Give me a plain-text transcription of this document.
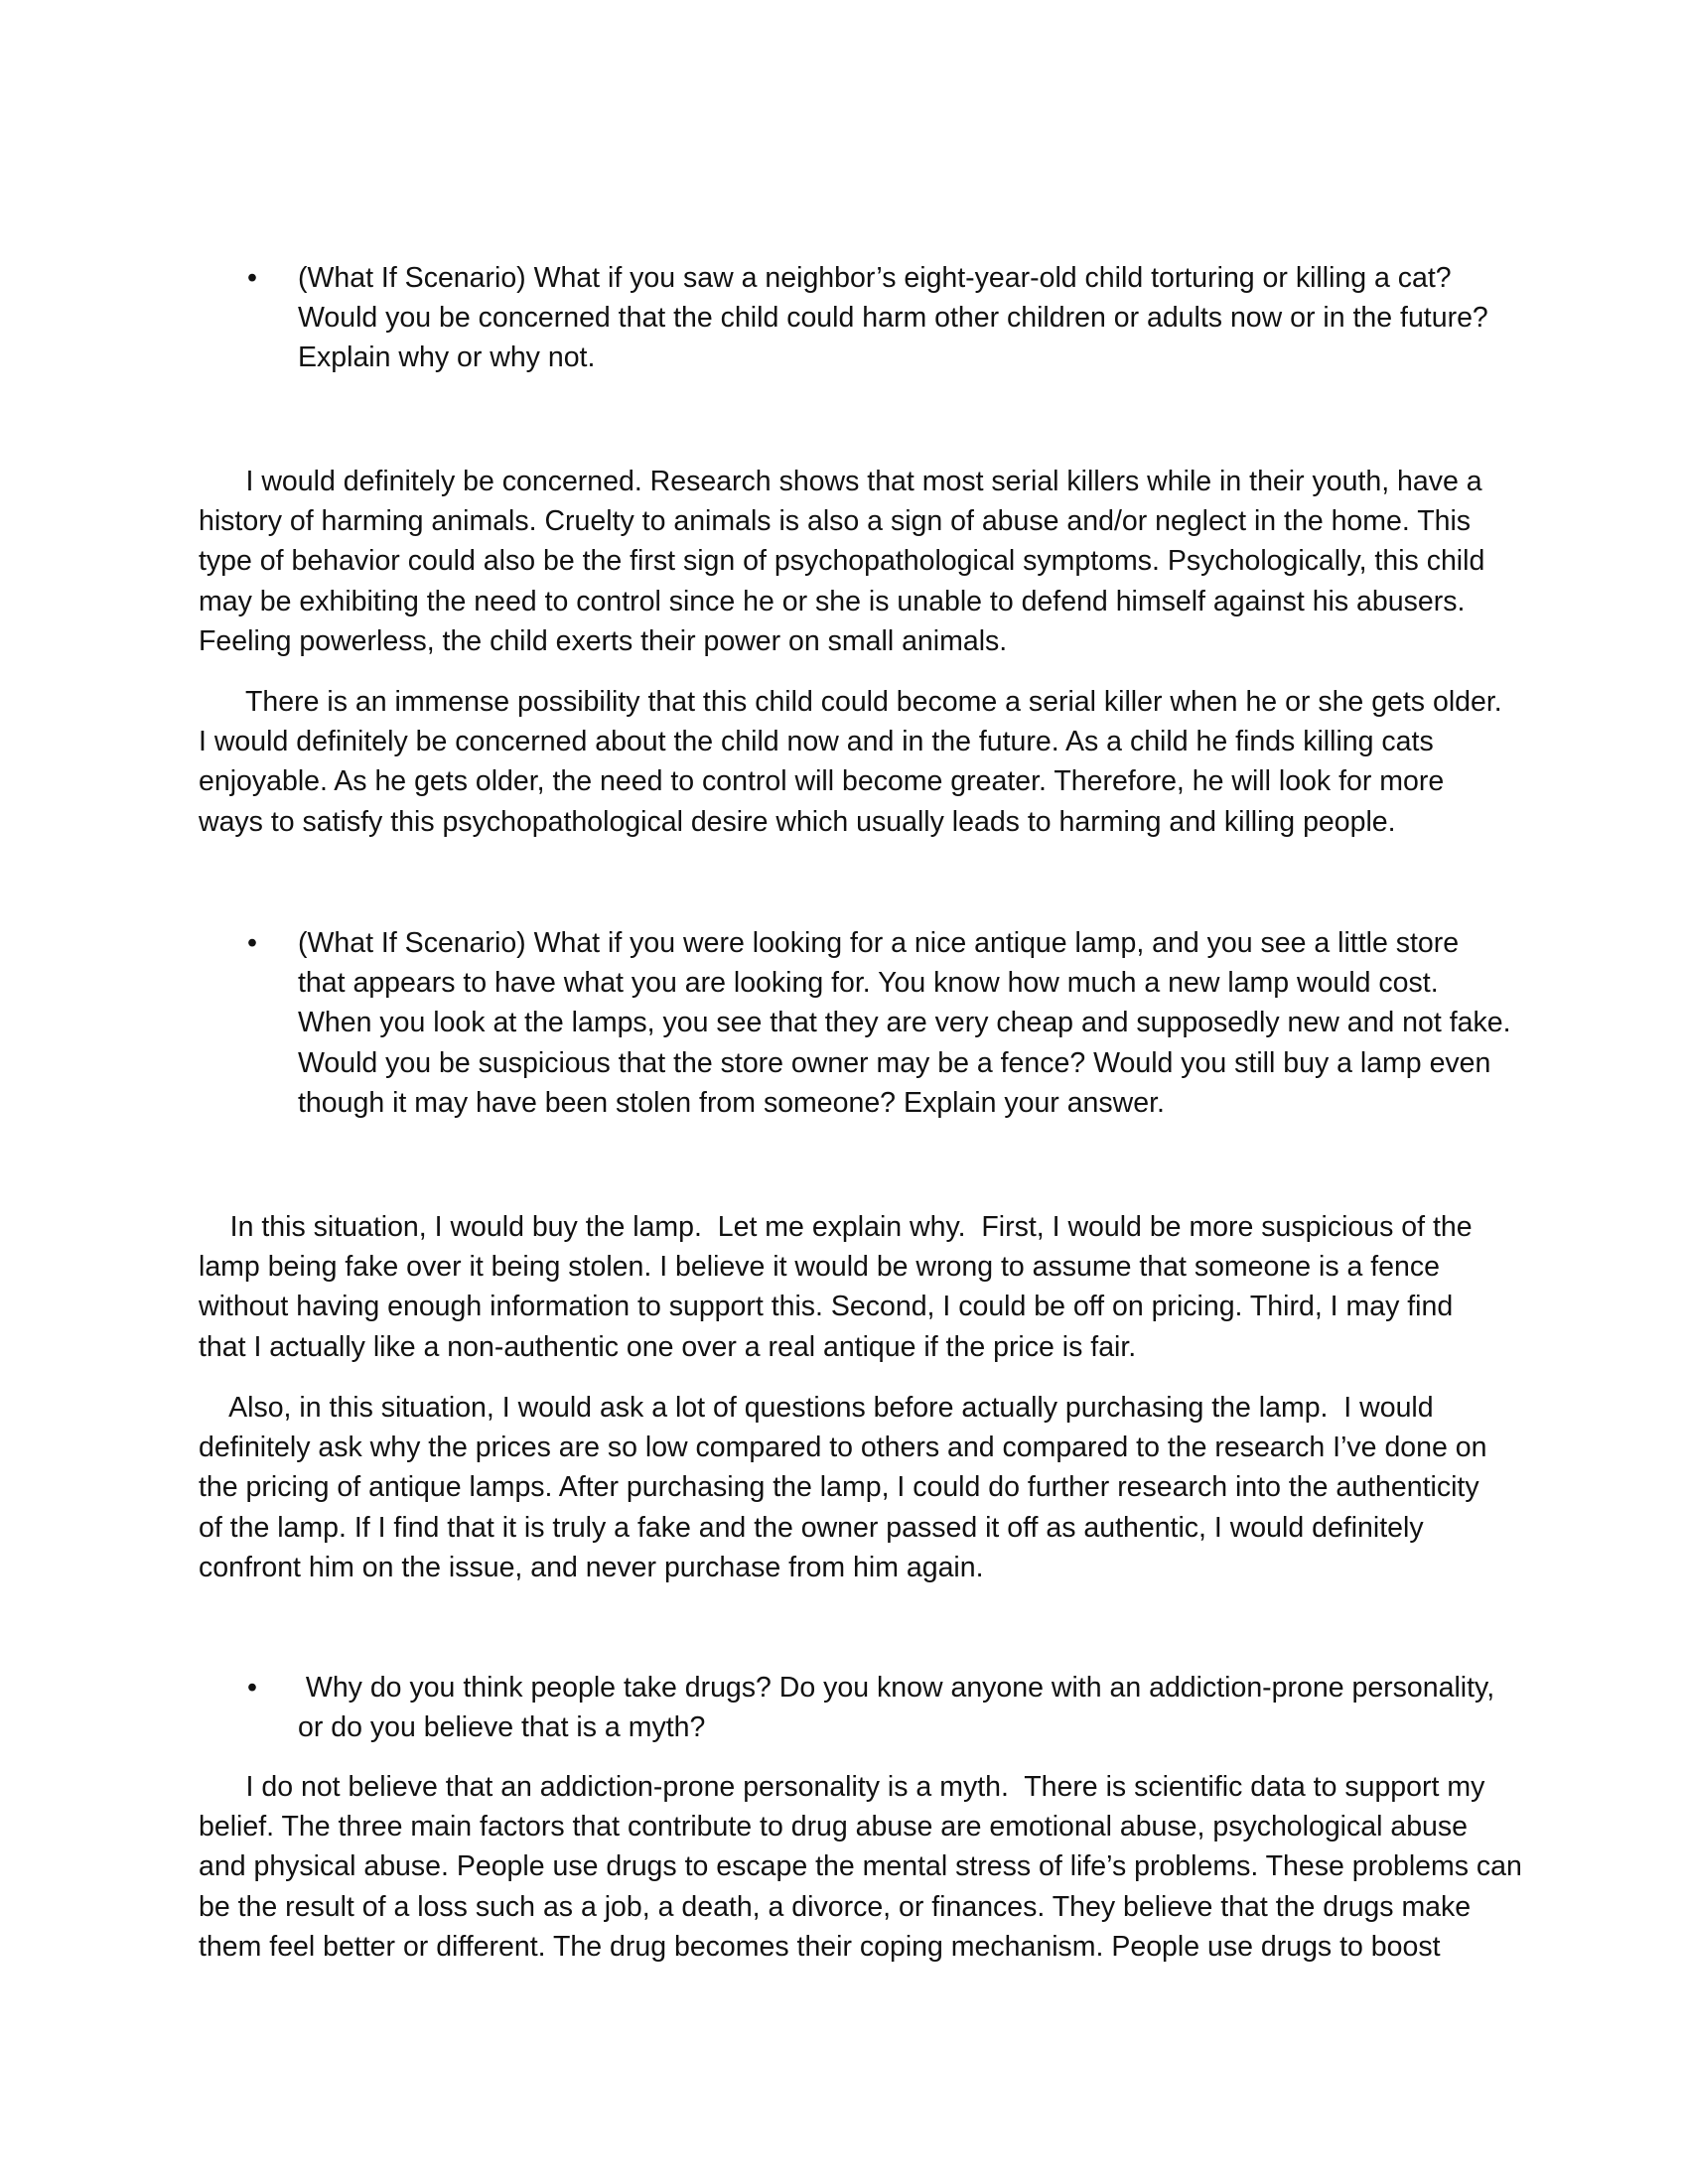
• (What If Scenario) What if you saw a neighbor’s eight-year-old child torturing or killing a cat?
Would you be concerned that the child could harm other children or adults now or in the future?
Explain why or why not.
I would definitely be concerned. Research shows that most serial killers while in their youth, have a
history of harming animals. Cruelty to animals is also a sign of abuse and/or neglect in the home. This
type of behavior could also be the first sign of psychopathological symptoms. Psychologically, this child
may be exhibiting the need to control since he or she is unable to defend himself against his abusers.
Feeling powerless, the child exerts their power on small animals.
There is an immense possibility that this child could become a serial killer when he or she gets older.
I would definitely be concerned about the child now and in the future. As a child he finds killing cats
enjoyable. As he gets older, the need to control will become greater. Therefore, he will look for more
ways to satisfy this psychopathological desire which usually leads to harming and killing people.
• (What If Scenario) What if you were looking for a nice antique lamp, and you see a little store
that appears to have what you are looking for. You know how much a new lamp would cost.
When you look at the lamps, you see that they are very cheap and supposedly new and not fake.
Would you be suspicious that the store owner may be a fence? Would you still buy a lamp even
though it may have been stolen from someone? Explain your answer.
In this situation, I would buy the lamp.  Let me explain why.  First, I would be more suspicious of the
lamp being fake over it being stolen. I believe it would be wrong to assume that someone is a fence
without having enough information to support this. Second, I could be off on pricing. Third, I may find
that I actually like a non-authentic one over a real antique if the price is fair.
Also, in this situation, I would ask a lot of questions before actually purchasing the lamp.  I would
definitely ask why the prices are so low compared to others and compared to the research I’ve done on
the pricing of antique lamps. After purchasing the lamp, I could do further research into the authenticity
of the lamp. If I find that it is truly a fake and the owner passed it off as authentic, I would definitely
confront him on the issue, and never purchase from him again.
• Why do you think people take drugs? Do you know anyone with an addiction-prone personality,
or do you believe that is a myth?
I do not believe that an addiction-prone personality is a myth.  There is scientific data to support my
belief. The three main factors that contribute to drug abuse are emotional abuse, psychological abuse
and physical abuse. People use drugs to escape the mental stress of life’s problems. These problems can
be the result of a loss such as a job, a death, a divorce, or finances. They believe that the drugs make
them feel better or different. The drug becomes their coping mechanism. People use drugs to boost
